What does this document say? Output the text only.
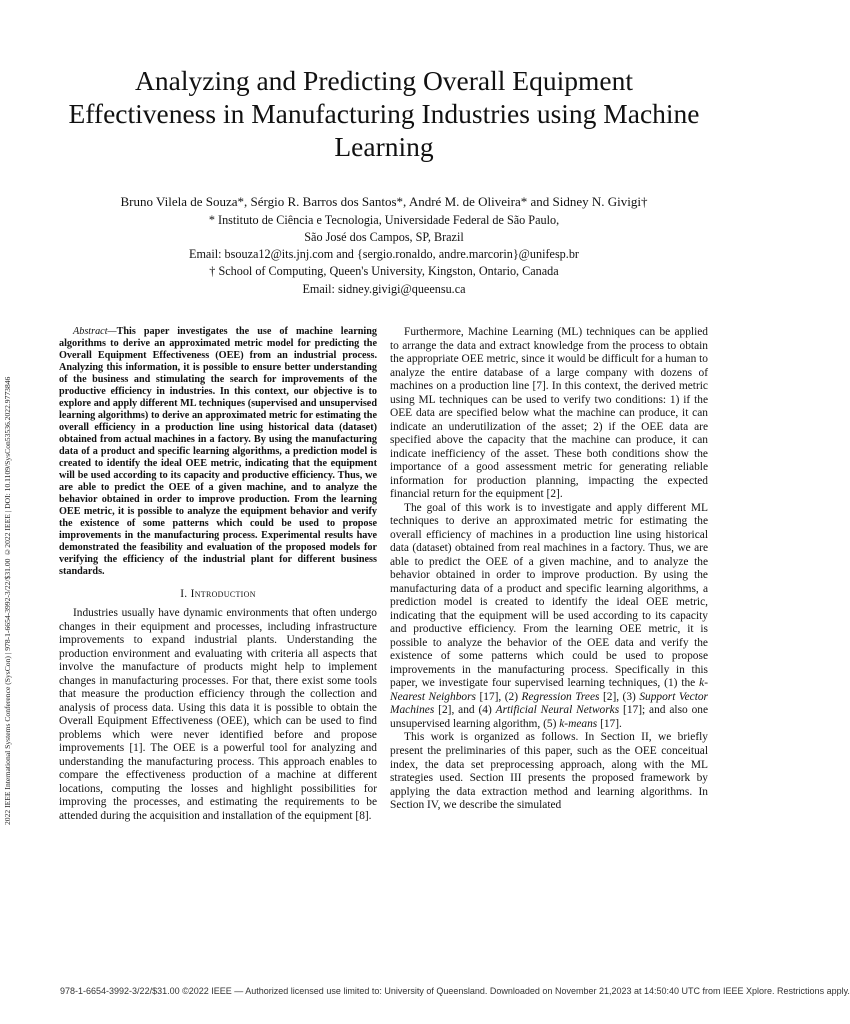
2022 IEEE International Systems Conference (SysCon) | 978-1-6654-3992-3/22/$31.00 ©2022 IEEE | DOI: 10.1109/SysCon53536.2022.9773846
Analyzing and Predicting Overall Equipment Effectiveness in Manufacturing Industries using Machine Learning
Bruno Vilela de Souza*, Sérgio R. Barros dos Santos*, André M. de Oliveira* and Sidney N. Givigi†
* Instituto de Ciência e Tecnologia, Universidade Federal de São Paulo,
São José dos Campos, SP, Brazil
Email: bsouza12@its.jnj.com and {sergio.ronaldo, andre.marcorin}@unifesp.br
† School of Computing, Queen's University, Kingston, Ontario, Canada
Email: sidney.givigi@queensu.ca

Abstract—This paper investigates the use of machine learning algorithms to derive an approximated metric model for predicting the Overall Equipment Effectiveness (OEE) from an industrial process. Analyzing this information, it is possible to ensure better understanding of the business and stimulating the search for improvements of the productive efficiency in industries. In this context, our objective is to explore and apply different ML techniques (supervised and unsupervised learning algorithms) to derive an approximated metric for estimating the overall efficiency in a production line using historical data (dataset) obtained from actual machines in a factory. By using the manufacturing data of a product and specific learning algorithms, a prediction model is created to identify the ideal OEE metric, indicating that the equipment will be used according to its capacity and productive efficiency. Thus, we are able to predict the OEE of a given machine, and to analyze the behavior obtained in order to improve production. From the learning OEE metric, it is possible to analyze the equipment behavior and verify the existence of some patterns which could be used to propose improvements in the manufacturing process. Experimental results have demonstrated the feasibility and evaluation of the proposed models for verifying the efficiency of the industrial plant for different business standards.

I. Introduction

Industries usually have dynamic environments that often undergo changes in their equipment and processes, including infrastructure improvements to expand industrial plants. Understanding the production environment and evaluating with criteria all aspects that involve the manufacture of products might help to implement changes in manufacturing processes. For that, there exist some tools that measure the production efficiency through the collection and analysis of process data. Using this data it is possible to obtain the Overall Equipment Effectiveness (OEE), which can be used to find problems which were never identified before and propose improvements [1]. The OEE is a powerful tool for analyzing and understanding the manufacturing process. This approach enables to compare the effectiveness production of a machine at different locations, computing the losses and highlight possibilities for improving the processes, and estimating the requirements to be attended during the acquisition and installation of the equipment [8].

Furthermore, Machine Learning (ML) techniques can be applied to arrange the data and extract knowledge from the process to obtain the appropriate OEE metric, since it would be difficult for a human to analyze the entire database of a large company with dozens of machines on a production line [7]. In this context, the derived metric using ML techniques can be used to verify two conditions: 1) if the OEE data are specified below what the machine can produce, it can indicate an underutilization of the asset; 2) if the OEE data are specified above the capacity that the machine can produce, it can indicate inefficiency of the asset. These both conditions show the importance of a good assessment metric for generating reliable information for production planning, impacting the expected financial return for the equipment [2].

The goal of this work is to investigate and apply different ML techniques to derive an approximated metric for estimating the overall efficiency of machines in a production line using historical data (dataset) obtained from real machines in a factory. Thus, we are able to predict the OEE of a given machine, and to analyze the behavior obtained in order to improve production. By using the manufacturing data of a product and specific learning algorithms, a prediction model is created to identify the ideal OEE metric, indicating that the equipment will be used according to its capacity and productive efficiency. From the learning OEE metric, it is possible to analyze the behavior of the OEE data and verify the existence of some patterns which could be used to propose improvements in the manufacturing process. Specifically in this paper, we investigate four supervised learning techniques, (1) the k-Nearest Neighbors [17], (2) Regression Trees [2], (3) Support Vector Machines [2], and (4) Artificial Neural Networks [17]; and also one unsupervised learning algorithm, (5) k-means [17].

This work is organized as follows. In Section II, we briefly present the preliminaries of this paper, such as the OEE conceitual index, the data set preprocessing approach, along with the ML strategies used. Section III presents the proposed framework by applying the data extraction method and learning algorithms. In Section IV, we describe the simulated

978-1-6654-3992-3/22/$31.00 ©2022 IEEE — Authorized licensed use limited to: University of Queensland. Downloaded on November 21,2023 at 14:50:40 UTC from IEEE Xplore. Restrictions apply.
